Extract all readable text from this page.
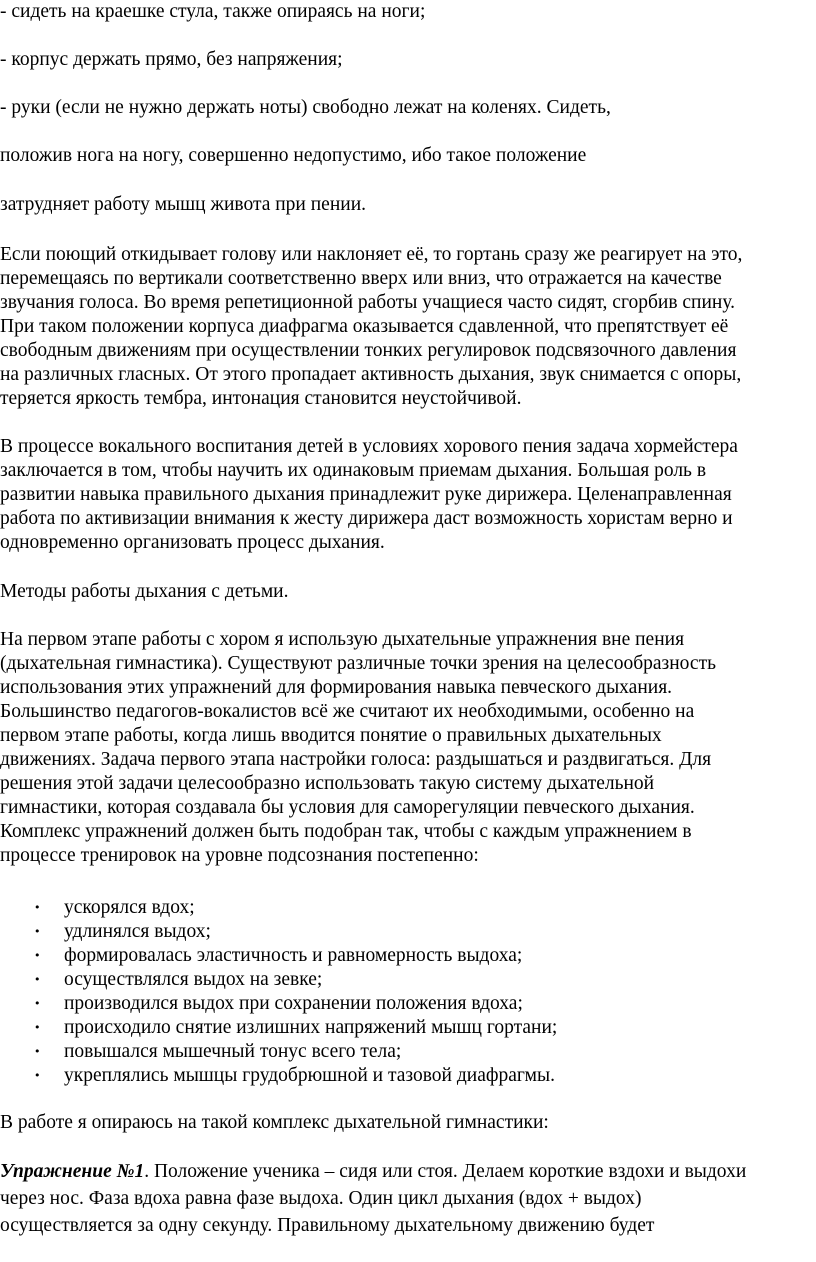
- сидеть на краешке стула, также опираясь на ноги;
- корпус держать прямо, без напряжения;
- руки (если не нужно держать ноты) свободно лежат на коленях. Сидеть,
положив нога на ногу, совершенно недопустимо, ибо такое положение
затрудняет работу мышц живота при пении.
Если поющий откидывает голову или наклоняет её, то гортань сразу же реагирует на это,
перемещаясь по вертикали соответственно вверх или вниз, что отражается на качестве
звучания голоса. Во время репетиционной работы учащиеся часто сидят, сгорбив спину.
При таком положении корпуса диафрагма оказывается сдавленной, что препятствует её
свободным движениям при осуществлении тонких регулировок подсвязочного давления
на различных гласных. От этого пропадает активность дыхания, звук снимается с опоры,
теряется яркость тембра, интонация становится неустойчивой.
В процессе вокального воспитания детей в условиях хорового пения задача хормейстера
заключается в том, чтобы научить их одинаковым приемам дыхания. Большая роль в
развитии навыка правильного дыхания принадлежит руке дирижера. Целенаправленная
работа по активизации внимания к жесту дирижера даст возможность хористам верно и
одновременно организовать процесс дыхания.
Методы работы дыхания с детьми.
На первом этапе работы с хором я использую дыхательные упражнения вне пения
(дыхательная гимнастика). Существуют различные точки зрения на целесообразность
использования этих упражнений для формирования навыка певческого дыхания.
Большинство педагогов-вокалистов всё же считают их необходимыми, особенно на
первом этапе работы, когда лишь вводится понятие о правильных дыхательных
движениях. Задача первого этапа настройки голоса: раздышаться и раздвигаться. Для
решения этой задачи целесообразно использовать такую систему дыхательной
гимнастики, которая создавала бы условия для саморегуляции певческого дыхания.
Комплекс упражнений должен быть подобран так, чтобы с каждым упражнением в
процессе тренировок на уровне подсознания постепенно:
• ускорялся вдох;
• удлинялся выдох;
• формировалась эластичность и равномерность выдоха;
• осуществлялся выдох на зевке;
• производился выдох при сохранении положения вдоха;
• происходило снятие излишних напряжений мышц гортани;
• повышался мышечный тонус всего тела;
• укреплялись мышцы грудобрюшной и тазовой диафрагмы.
В работе я опираюсь на такой комплекс дыхательной гимнастики:
Упражнение №1. Положение ученика – сидя или стоя. Делаем короткие вздохи и выдохи
через нос. Фаза вдоха равна фазе выдоха. Один цикл дыхания (вдох + выдох)
осуществляется за одну секунду. Правильному дыхательному движению будет
